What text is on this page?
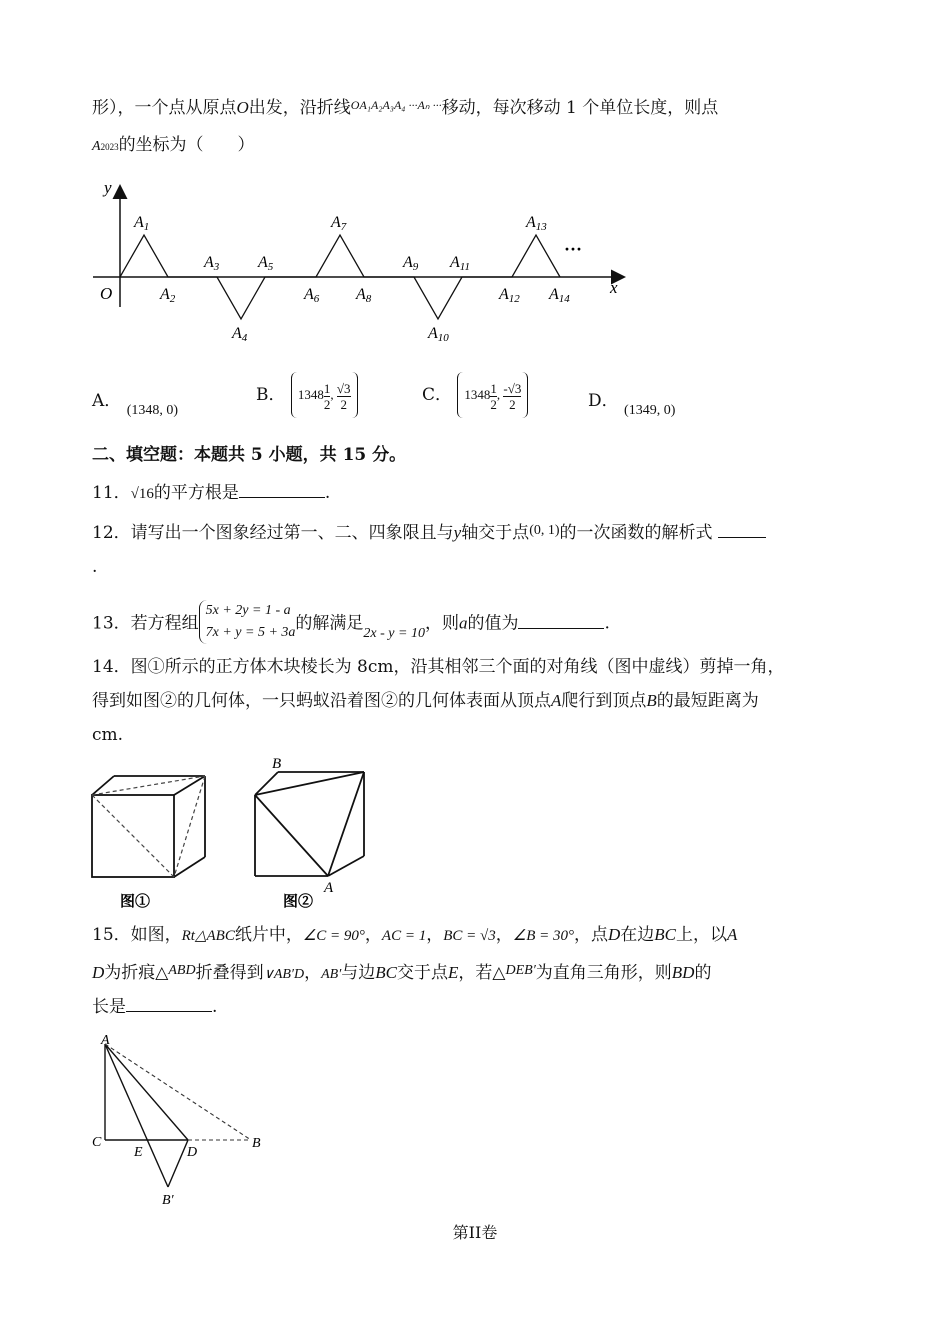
形），一个点从原点O出发，沿折线$^{OA_1A_2A_3A_4 \cdot\cdot\cdot A_n \cdot\cdot\cdot}$移动，每次移动 1 个单位长度，则点
A2023的坐标为（　　）
y
x
O
···
A1
A2
A3
A4
A5
A6
A7
A8
A9
A10
A11
A12
A13
A14
A． $_{(1348, 0)}$
B． $1348 \frac{1}{2}$ , $\frac{√3}{2}$	C． $1348 \frac{1}{2}$ , $\frac{-√3}{2}$	D． $_{(1349, 0)}$
二、填空题：本题共 5 小题，共 15 分。
11．√16的平方根是	.
12．请写出一个图象经过第一、二、四象限且与y轴交于点$^{(0, 1)}$的一次函数的解析式
.
13．若方程组
5x + 2y = 1 - a
7x + y = 5 + 3a 的解满足$_{2x - y = 10}$，则a的值为	.
14．图①所示的正方体木块棱长为 8cm，沿其相邻三个面的对角线（图中虚线）剪掉一角，
得到如图②的几何体，一只蚂蚁沿着图②的几何体表面从顶点A爬行到顶点B的最短距离为
cm.
图①
B
A
图②
15．如图，Rt△ABC纸片中，∠C = 90°，AC = 1，BC = √3，∠B = 30°，点D在边BC上，以A
D为折痕△$^{ABD}$折叠得到∨AB′D，AB′与边BC交于点E，若△$^{DEB'}$为直角三角形，则BD的
长是	.
A
C	B
E	D
B′
第II卷
